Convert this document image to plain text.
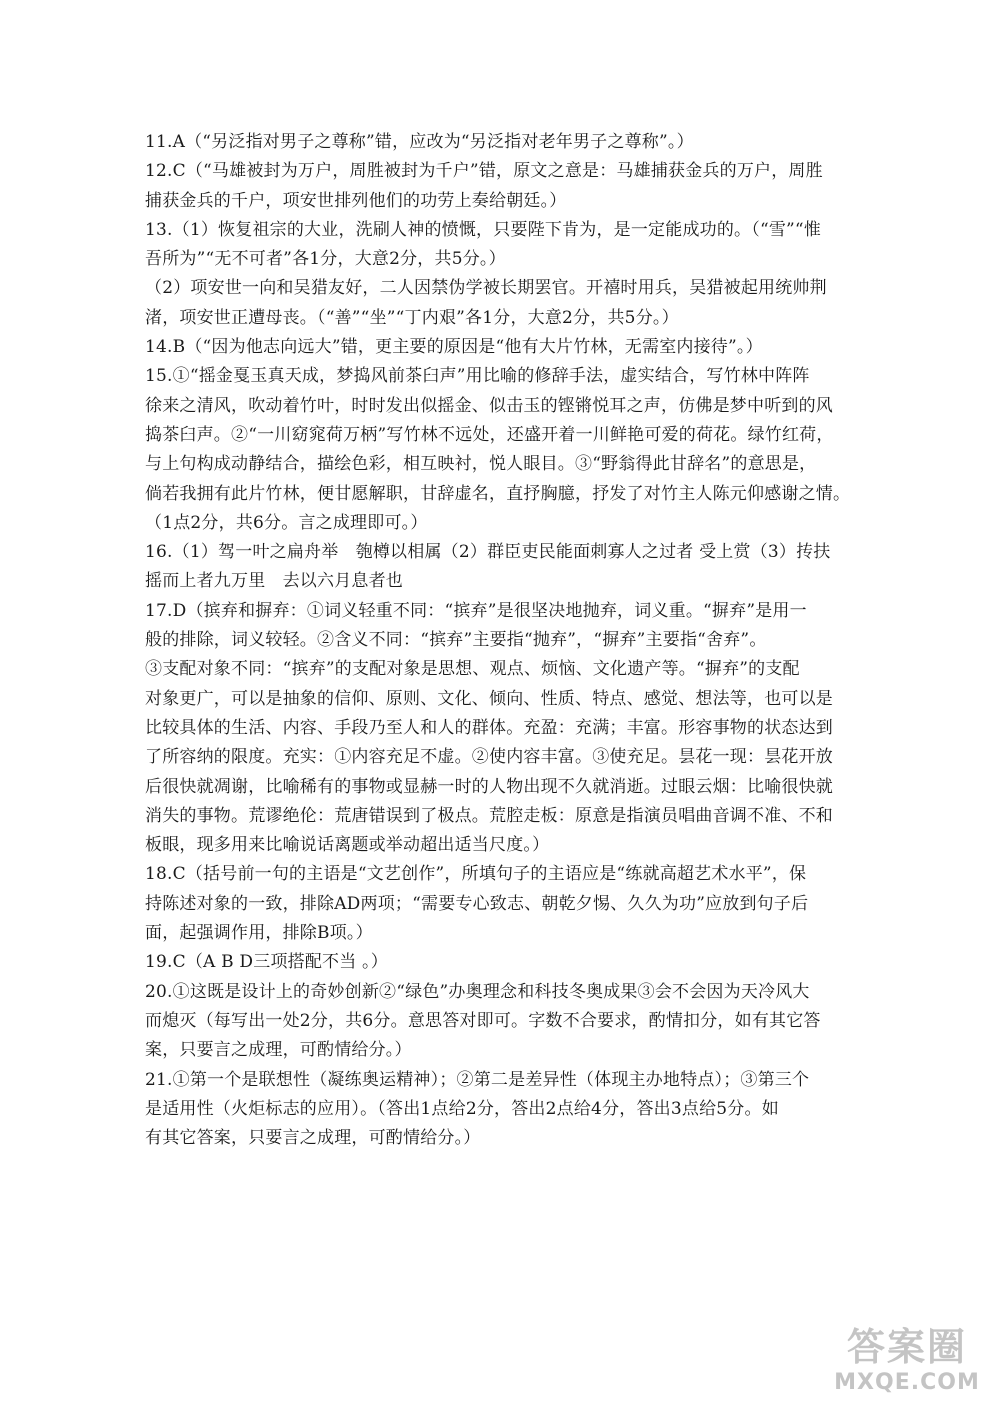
11.A（“另泛指对男子之尊称”错，应改为“另泛指对老年男子之尊称”。）
12.C（“马雄被封为万户，周胜被封为千户”错，原文之意是：马雄捕获金兵的万户，周胜
捕获金兵的千户，项安世排列他们的功劳上奏给朝廷。）
13.（1）恢复祖宗的大业，洗刷人神的愤慨，只要陛下肯为，是一定能成功的。（“雪”“惟
吾所为”“无不可者”各1分，大意2分，共5分。）
（2）项安世一向和吴猎友好，二人因禁伪学被长期罢官。开禧时用兵，吴猎被起用统帅荆
渚，项安世正遭母丧。（“善”“坐”“丁内艰”各1分，大意2分，共5分。）
14.B（“因为他志向远大”错，更主要的原因是“他有大片竹林，无需室内接待”。）
15.①“摇金戛玉真天成，梦捣风前茶臼声”用比喻的修辞手法，虚实结合，写竹林中阵阵
徐来之清风，吹动着竹叶，时时发出似摇金、似击玉的铿锵悦耳之声，仿佛是梦中听到的风
捣茶臼声。②“一川窈窕荷万柄”写竹林不远处，还盛开着一川鲜艳可爱的荷花。绿竹红荷，
与上句构成动静结合，描绘色彩，相互映衬，悦人眼目。③“野翁得此甘辞名”的意思是，
倘若我拥有此片竹林，便甘愿解职，甘辞虚名，直抒胸臆，抒发了对竹主人陈元仰感谢之情。
（1点2分，共6分。言之成理即可。）
16.（1）驾一叶之扁舟举　匏樽以相属（2）群臣吏民能面刺寡人之过者 受上赏（3）抟扶
摇而上者九万里　去以六月息者也
17.D（摈弃和摒弃：①词义轻重不同：“摈弃”是很坚决地抛弃，词义重。“摒弃”是用一
般的排除，词义较轻。②含义不同：“摈弃”主要指“抛弃”，“摒弃”主要指“舍弃”。
③支配对象不同：“摈弃”的支配对象是思想、观点、烦恼、文化遗产等。“摒弃”的支配
对象更广，可以是抽象的信仰、原则、文化、倾向、性质、特点、感觉、想法等，也可以是
比较具体的生活、内容、手段乃至人和人的群体。充盈：充满；丰富。形容事物的状态达到
了所容纳的限度。充实：①内容充足不虚。②使内容丰富。③使充足。昙花一现：昙花开放
后很快就凋谢，比喻稀有的事物或显赫一时的人物出现不久就消逝。过眼云烟：比喻很快就
消失的事物。荒谬绝伦：荒唐错误到了极点。荒腔走板：原意是指演员唱曲音调不准、不和
板眼，现多用来比喻说话离题或举动超出适当尺度。）
18.C（括号前一句的主语是“文艺创作”，所填句子的主语应是“练就高超艺术水平”，保
持陈述对象的一致，排除AD两项；“需要专心致志、朝乾夕惕、久久为功”应放到句子后
面，起强调作用，排除B项。）
19.C（A B D三项搭配不当 。）
20.①这既是设计上的奇妙创新②“绿色”办奥理念和科技冬奥成果③会不会因为天冷风大
而熄灭（每写出一处2分，共6分。意思答对即可。字数不合要求，酌情扣分，如有其它答
案，只要言之成理，可酌情给分。）
21.①第一个是联想性（凝练奥运精神）；②第二是差异性（体现主办地特点）；③第三个
是适用性（火炬标志的应用）。（答出1点给2分，答出2点给4分，答出3点给5分。如
有其它答案，只要言之成理，可酌情给分。）
答案圈
MXQE.COM
